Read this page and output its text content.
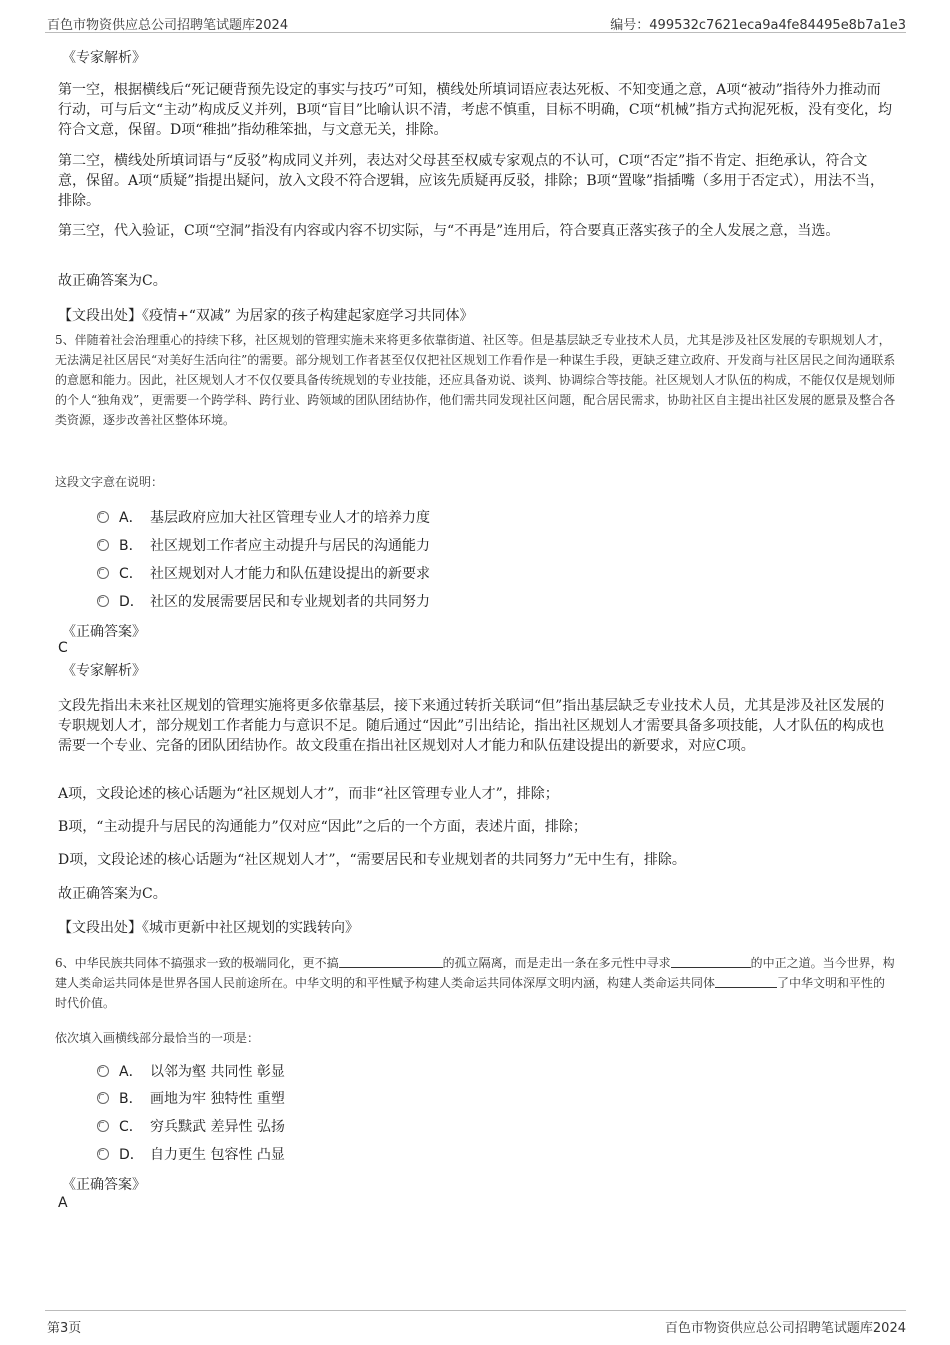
百色市物资供应总公司招聘笔试题库2024	编号：499532c7621eca9a4fe84495e8b7a1e3
《专家解析》

第一空，根据横线后“死记硬背预先设定的事实与技巧”可知，横线处所填词语应表达死板、不知变通之意，A项“被动”指待外力推动而行动，可与后文“主动”构成反义并列，B项“盲目”比喻认识不清，考虑不慎重，目标不明确，C项“机械”指方式拘泥死板，没有变化，均符合文意，保留。D项“稚拙”指幼稚笨拙，与文意无关，排除。

第二空，横线处所填词语与“反驳”构成同义并列，表达对父母甚至权威专家观点的不认可，C项“否定”指不肯定、拒绝承认，符合文意，保留。A项“质疑”指提出疑问，放入文段不符合逻辑，应该先质疑再反驳，排除；B项“置喙”指插嘴（多用于否定式），用法不当，排除。

第三空，代入验证，C项“空洞”指没有内容或内容不切实际，与“不再是”连用后，符合要真正落实孩子的全人发展之意，当选。

故正确答案为C。

【文段出处】《疫情+“双减” 为居家的孩子构建起家庭学习共同体》

5、伴随着社会治理重心的持续下移，社区规划的管理实施未来将更多依靠街道、社区等。但是基层缺乏专业技术人员，尤其是涉及社区发展的专职规划人才，无法满足社区居民“对美好生活向往”的需要。部分规划工作者甚至仅仅把社区规划工作看作是一种谋生手段，更缺乏建立政府、开发商与社区居民之间沟通联系的意愿和能力。因此，社区规划人才不仅仅要具备传统规划的专业技能，还应具备劝说、谈判、协调综合等技能。社区规划人才队伍的构成，不能仅仅是规划师的个人“独角戏”，更需要一个跨学科、跨行业、跨领域的团队团结协作，他们需共同发现社区问题，配合居民需求，协助社区自主提出社区发展的愿景及整合各类资源，逐步改善社区整体环境。

这段文字意在说明：

A． 基层政府应加大社区管理专业人才的培养力度
B． 社区规划工作者应主动提升与居民的沟通能力
C． 社区规划对人才能力和队伍建设提出的新要求
D． 社区的发展需要居民和专业规划者的共同努力
《正确答案》
C
《专家解析》

文段先指出未来社区规划的管理实施将更多依靠基层，接下来通过转折关联词“但”指出基层缺乏专业技术人员，尤其是涉及社区发展的专职规划人才，部分规划工作者能力与意识不足。随后通过“因此”引出结论，指出社区规划人才需要具备多项技能，人才队伍的构成也需要一个专业、完备的团队团结协作。故文段重在指出社区规划对人才能力和队伍建设提出的新要求，对应C项。

A项，文段论述的核心话题为“社区规划人才”，而非“社区管理专业人才”，排除；

B项，“主动提升与居民的沟通能力”仅对应“因此”之后的一个方面，表述片面，排除；

D项，文段论述的核心话题为“社区规划人才”，“需要居民和专业规划者的共同努力”无中生有，排除。

故正确答案为C。

【文段出处】《城市更新中社区规划的实践转向》

6、中华民族共同体不搞强求一致的极端同化，更不搞	的孤立隔离，而是走出一条在多元性中寻求	的中正之道。当今世界，构建人类命运共同体是世界各国人民前途所在。中华文明的和平性赋予构建人类命运共同体深厚文明内涵，构建人类命运共同体	了中华文明和平性的时代价值。

依次填入画横线部分最恰当的一项是：

A． 以邻为壑 共同性 彰显
B． 画地为牢 独特性 重塑
C． 穷兵黩武 差异性 弘扬
D． 自力更生 包容性 凸显
《正确答案》
A
第3页	百色市物资供应总公司招聘笔试题库2024
